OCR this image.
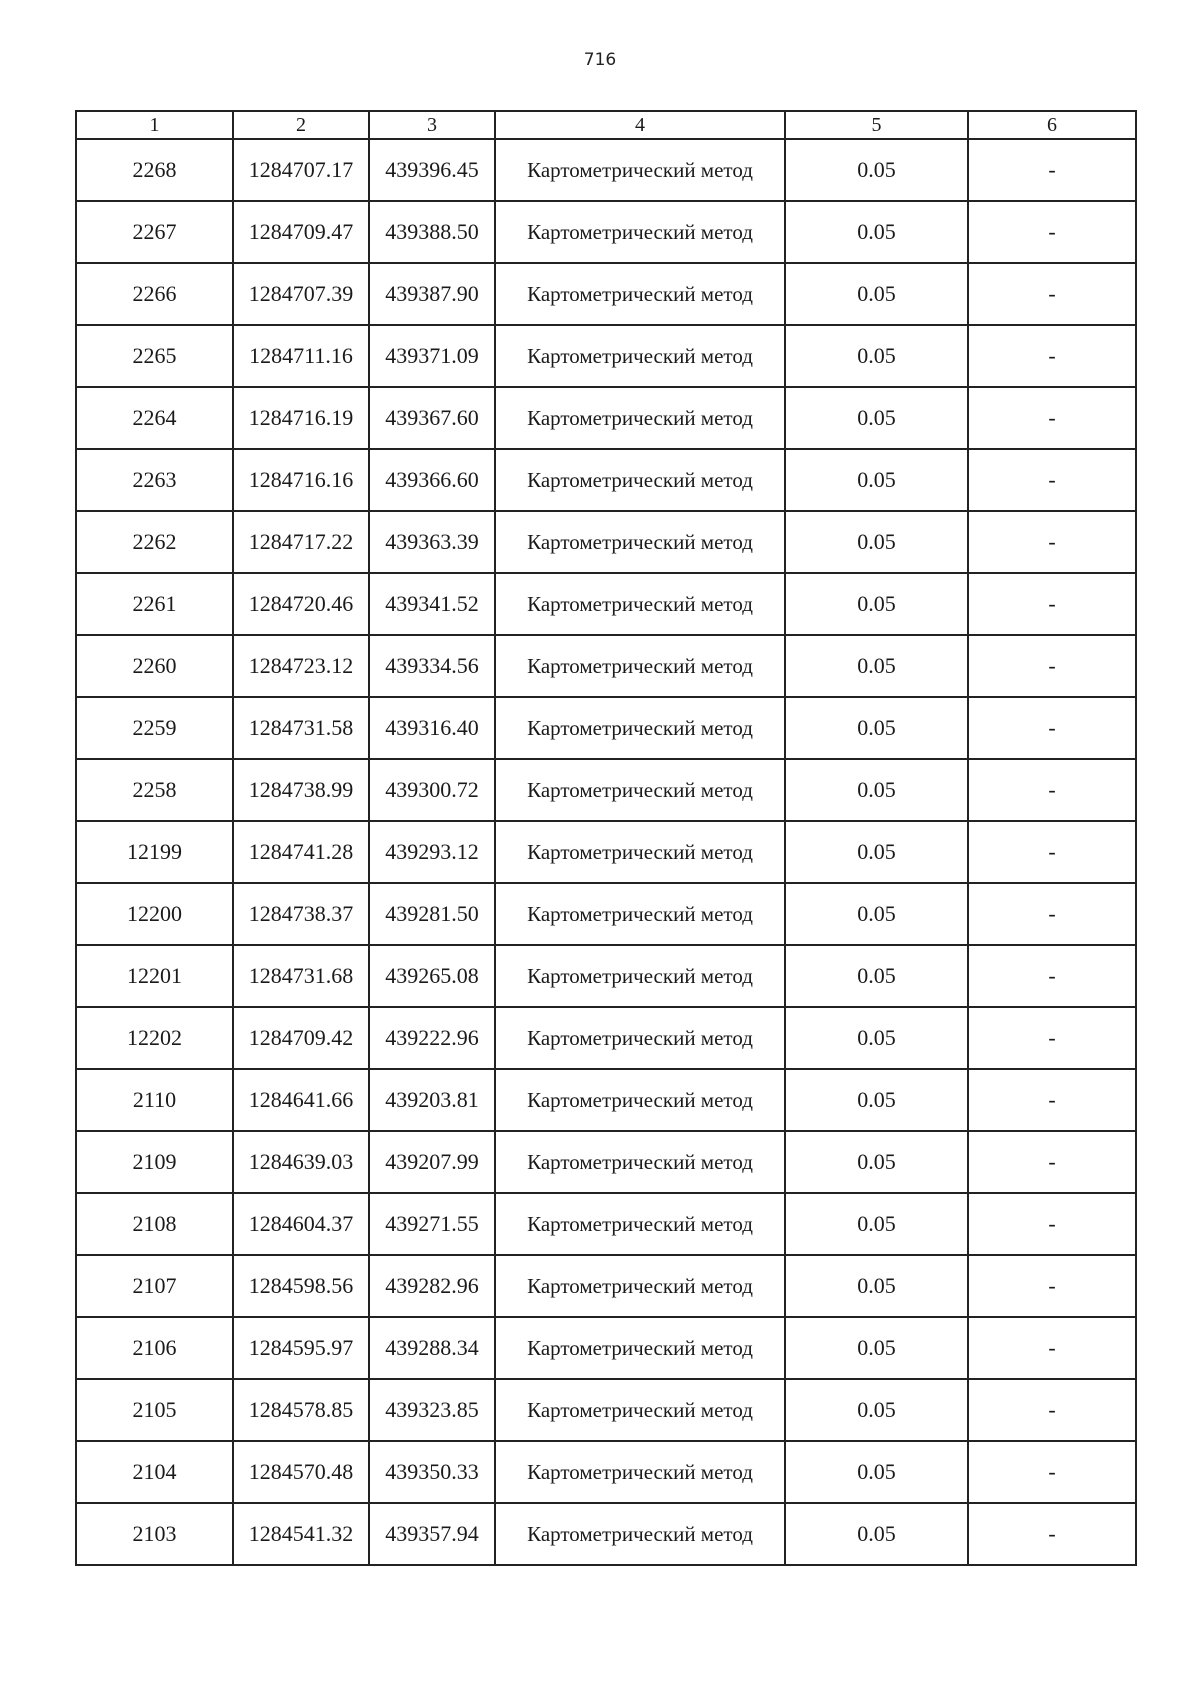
716
1	2	3	4	5	6
2268	1284707.17	439396.45	Картометрический метод	0.05	-
2267	1284709.47	439388.50	Картометрический метод	0.05	-
2266	1284707.39	439387.90	Картометрический метод	0.05	-
2265	1284711.16	439371.09	Картометрический метод	0.05	-
2264	1284716.19	439367.60	Картометрический метод	0.05	-
2263	1284716.16	439366.60	Картометрический метод	0.05	-
2262	1284717.22	439363.39	Картометрический метод	0.05	-
2261	1284720.46	439341.52	Картометрический метод	0.05	-
2260	1284723.12	439334.56	Картометрический метод	0.05	-
2259	1284731.58	439316.40	Картометрический метод	0.05	-
2258	1284738.99	439300.72	Картометрический метод	0.05	-
12199	1284741.28	439293.12	Картометрический метод	0.05	-
12200	1284738.37	439281.50	Картометрический метод	0.05	-
12201	1284731.68	439265.08	Картометрический метод	0.05	-
12202	1284709.42	439222.96	Картометрический метод	0.05	-
2110	1284641.66	439203.81	Картометрический метод	0.05	-
2109	1284639.03	439207.99	Картометрический метод	0.05	-
2108	1284604.37	439271.55	Картометрический метод	0.05	-
2107	1284598.56	439282.96	Картометрический метод	0.05	-
2106	1284595.97	439288.34	Картометрический метод	0.05	-
2105	1284578.85	439323.85	Картометрический метод	0.05	-
2104	1284570.48	439350.33	Картометрический метод	0.05	-
2103	1284541.32	439357.94	Картометрический метод	0.05	-
